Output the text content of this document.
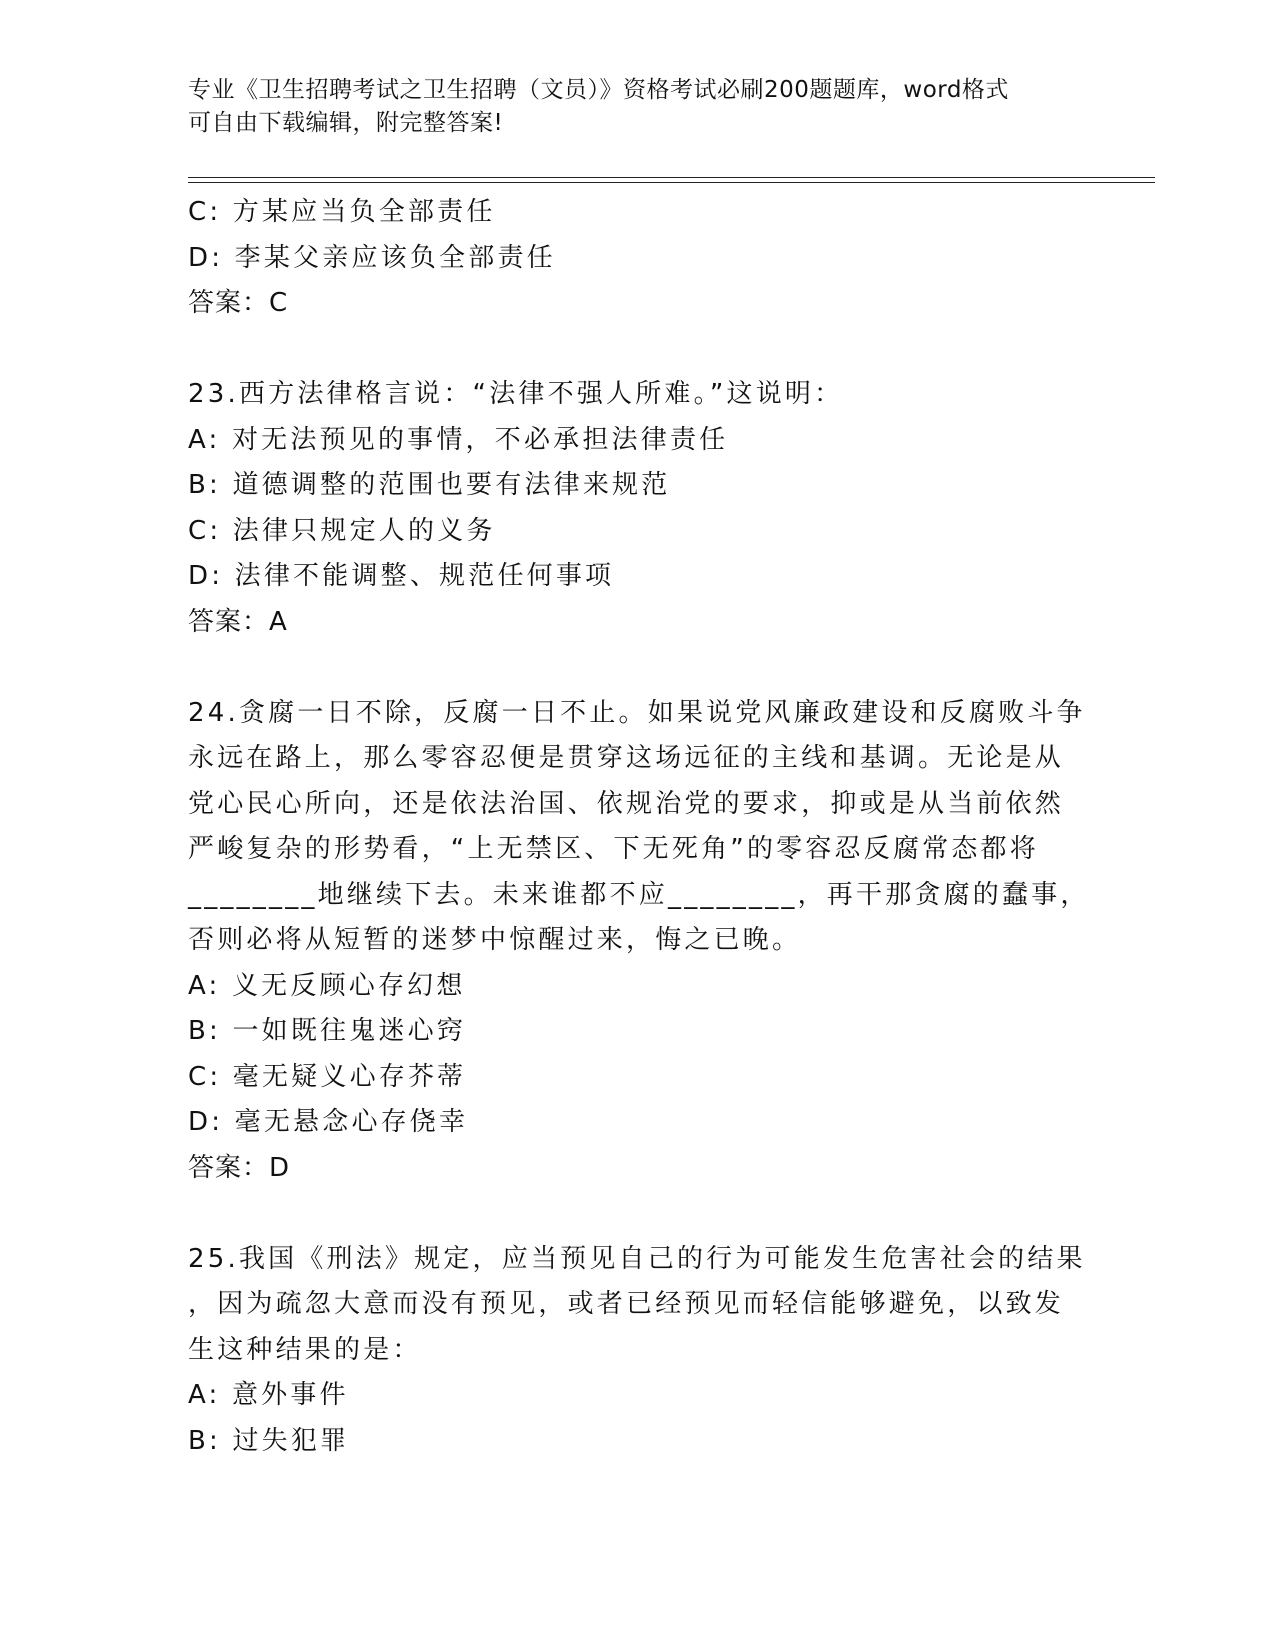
专业《卫生招聘考试之卫生招聘（文员）》资格考试必刷200题题库，word格式
可自由下载编辑，附完整答案!
C: 方某应当负全部责任
D: 李某父亲应该负全部责任
答案：C
23.西方法律格言说：“法律不强人所难。”这说明：
A: 对无法预见的事情，不必承担法律责任
B: 道德调整的范围也要有法律来规范
C: 法律只规定人的义务
D: 法律不能调整、规范任何事项
答案：A
24.贪腐一日不除，反腐一日不止。如果说党风廉政建设和反腐败斗争
永远在路上，那么零容忍便是贯穿这场远征的主线和基调。无论是从
党心民心所向，还是依法治国、依规治党的要求，抑或是从当前依然
严峻复杂的形势看，“上无禁区、下无死角”的零容忍反腐常态都将
________地继续下去。未来谁都不应________，再干那贪腐的蠢事，
否则必将从短暂的迷梦中惊醒过来，悔之已晚。
A: 义无反顾心存幻想
B: 一如既往鬼迷心窍
C: 毫无疑义心存芥蒂
D: 毫无悬念心存侥幸
答案：D
25.我国《刑法》规定，应当预见自己的行为可能发生危害社会的结果
，因为疏忽大意而没有预见，或者已经预见而轻信能够避免，以致发
生这种结果的是：
A: 意外事件
B: 过失犯罪
